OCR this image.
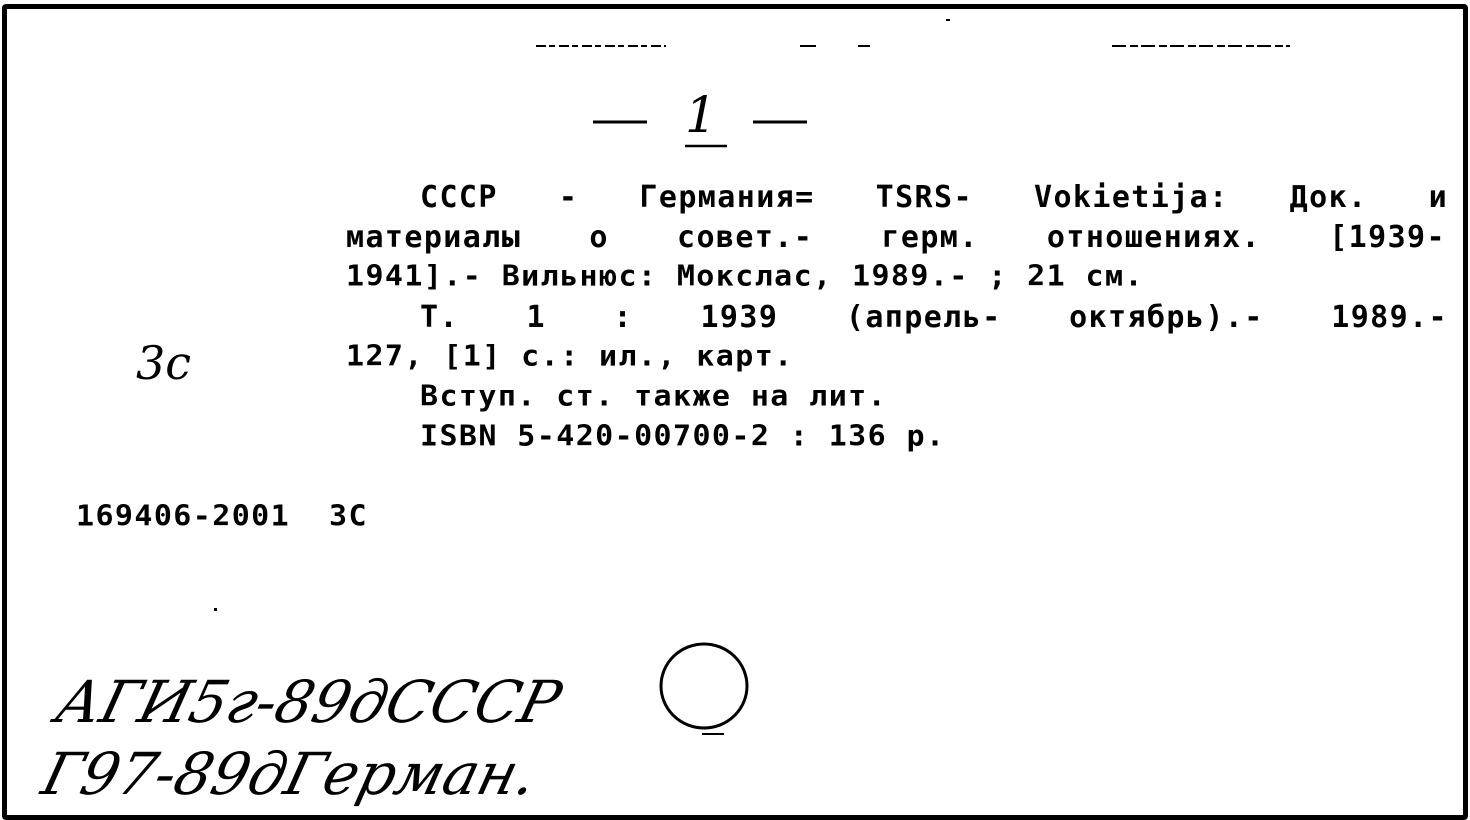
1
СССР - Германия= TSRS- Vokietija: Док. и
материалы о совет.- герм. отношениях. [1939-
1941].- Вильнюс: Мокслас, 1989.- ; 21 см.
Т. 1 : 1939 (апрель- октябрь).- 1989.-
127, [1] с.: ил., карт.
Вступ. ст. также на лит.
ISBN 5-420-00700-2 : 136 р.
3c
169406-2001  ЗС
АГИ5г-89дСССР
Г97-89дГерман.
